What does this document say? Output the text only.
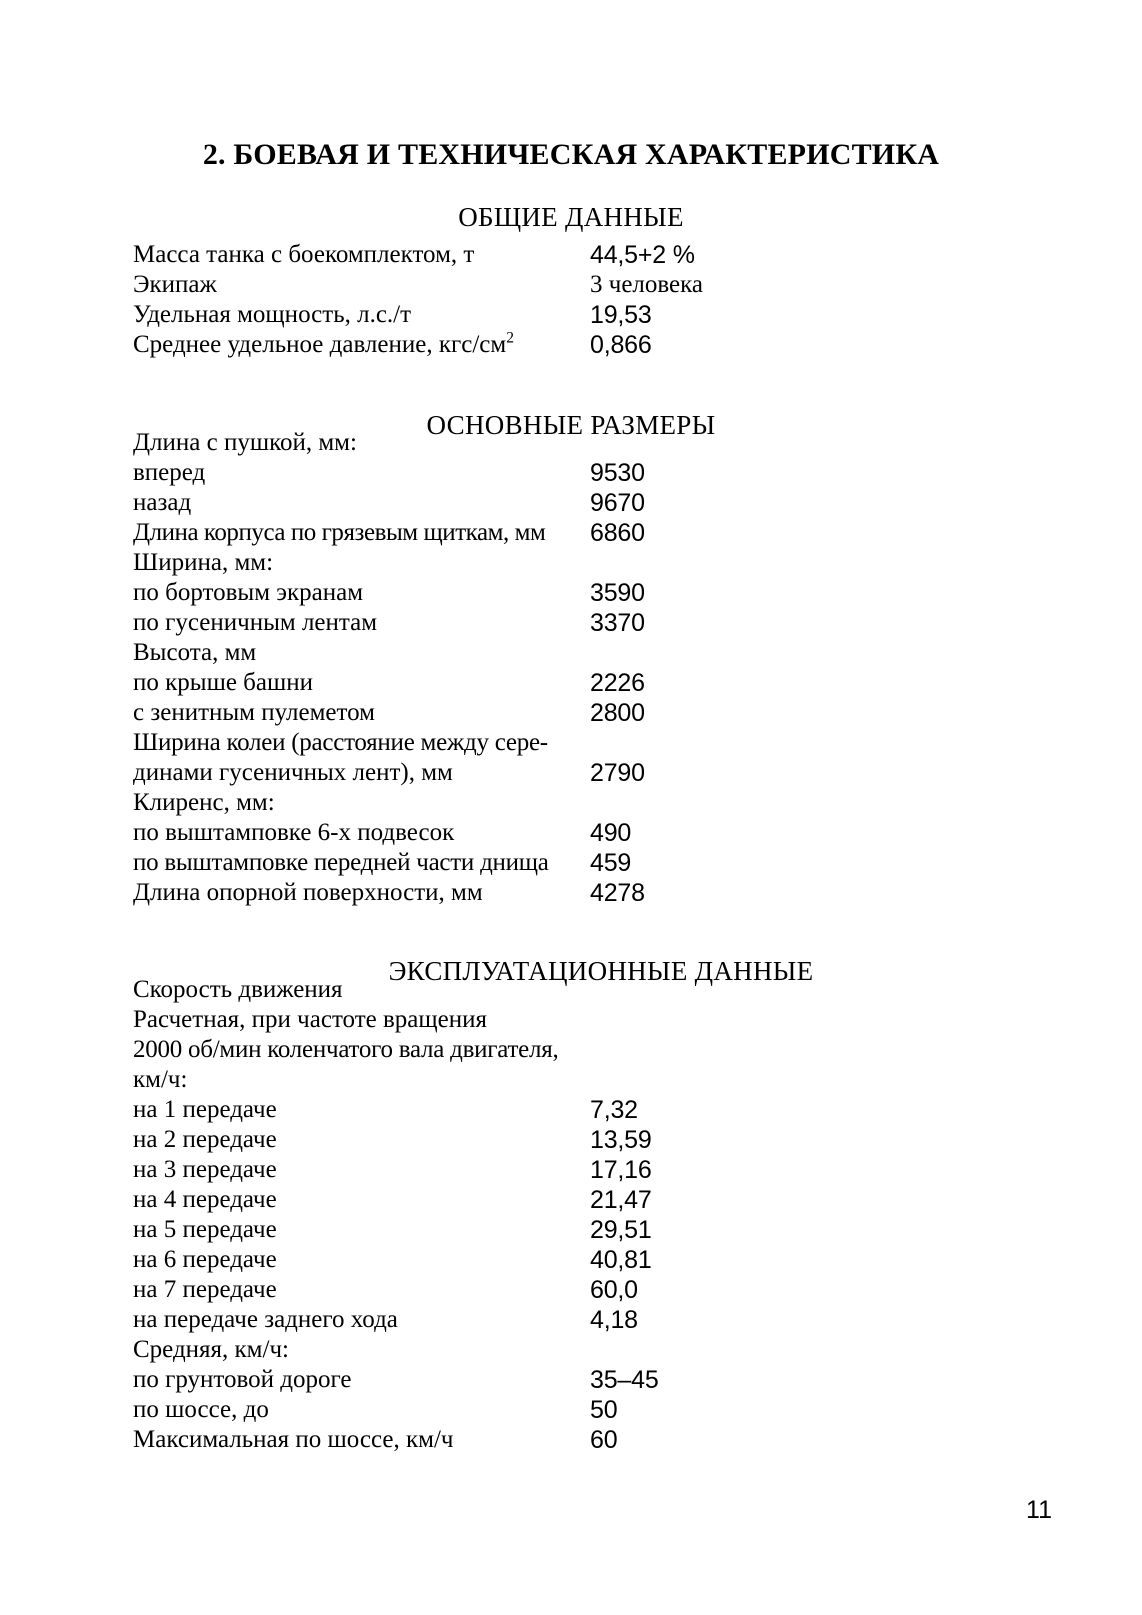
2. БОЕВАЯ И ТЕХНИЧЕСКАЯ ХАРАКТЕРИСТИКА
ОБЩИЕ ДАННЫЕ
Масса танка с боекомплектом, т	44,5+2 %
Экипаж	3 человека
Удельная мощность, л.с./т	19,53
Среднее удельное давление, кгс/$см^2$	0,866
ОСНОВНЫЕ РАЗМЕРЫ
Длина с пушкой, мм:
вперед	9530
назад	9670
Длина корпуса по грязевым щиткам, мм 6860
Ширина, мм:
по бортовым экранам	3590
по гусеничным лентам	3370
Высота, мм
по крыше башни	2226
с зенитным пулеметом	2800
Ширина колеи (расстояние между сере-
динами гусеничных лент), мм	2790
Клиренс, мм:
по выштамповке 6-х подвесок	490
по выштамповке передней части днища 459
Длина опорной поверхности, мм	4278
ЭКСПЛУАТАЦИОННЫЕ ДАННЫЕ
Скорость движения
Расчетная, при частоте вращения
2000 об/мин коленчатого вала двигателя,
км/ч:
на 1 передаче	7,32
на 2 передаче	13,59
на 3 передаче	17,16
на 4 передаче	21,47
на 5 передаче	29,51
на 6 передаче	40,81
на 7 передаче	60,0
на передаче заднего хода	4,18
Средняя, км/ч:
по грунтовой дороге	35–45
по шоссе, до	50
Максимальная по шоссе, км/ч	60
11
